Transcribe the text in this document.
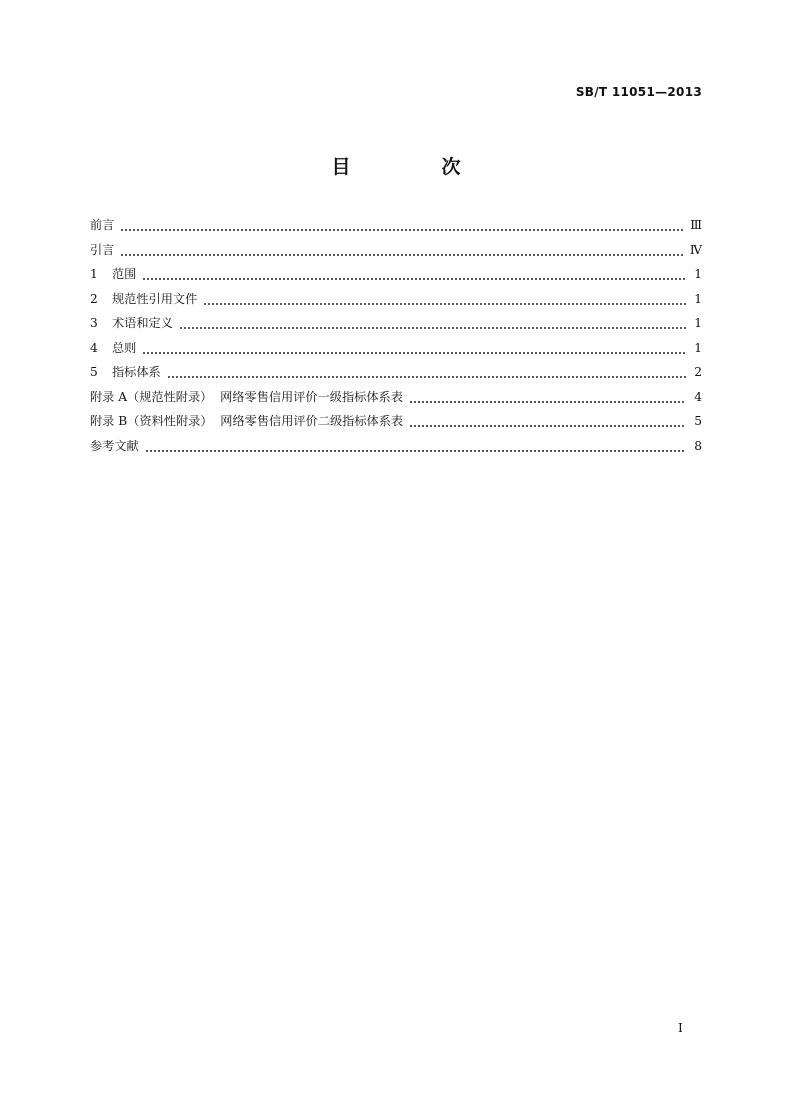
SB/T 11051—2013
目　次
前言	Ⅲ
引言	Ⅳ
1	范围	1
2	规范性引用文件	1
3	术语和定义	1
4	总则	1
5	指标体系	2
附录 A（规范性附录）  网络零售信用评价一级指标体系表	4
附录 B（资料性附录）  网络零售信用评价二级指标体系表	5
参考文献	8
I
